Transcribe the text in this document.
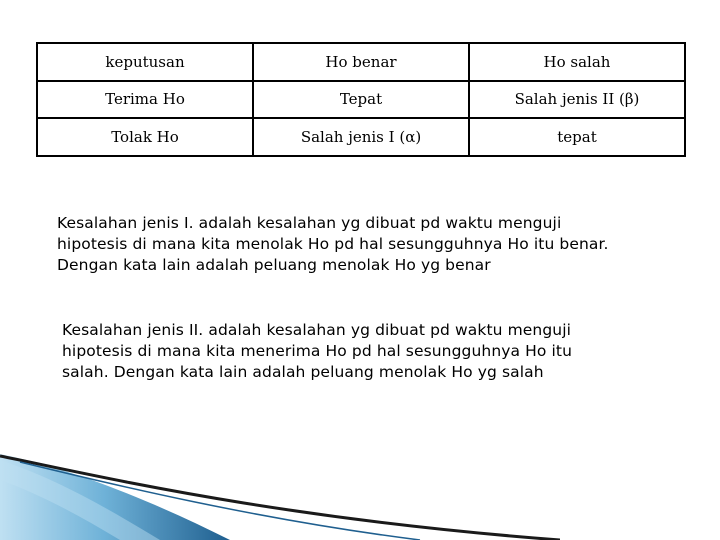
keputusan	Ho benar	Ho salah
Terima Ho	Tepat	Salah jenis II (β)
Tolak Ho	Salah jenis I (α)	tepat
Kesalahan jenis I. adalah kesalahan yg dibuat pd waktu menguji
hipotesis di mana kita menolak Ho pd hal sesungguhnya Ho itu benar.
Dengan kata lain adalah peluang menolak Ho yg benar
Kesalahan jenis II. adalah kesalahan yg dibuat pd waktu menguji
hipotesis di mana kita menerima Ho pd hal sesungguhnya Ho itu
salah. Dengan kata lain adalah peluang menolak Ho yg salah
